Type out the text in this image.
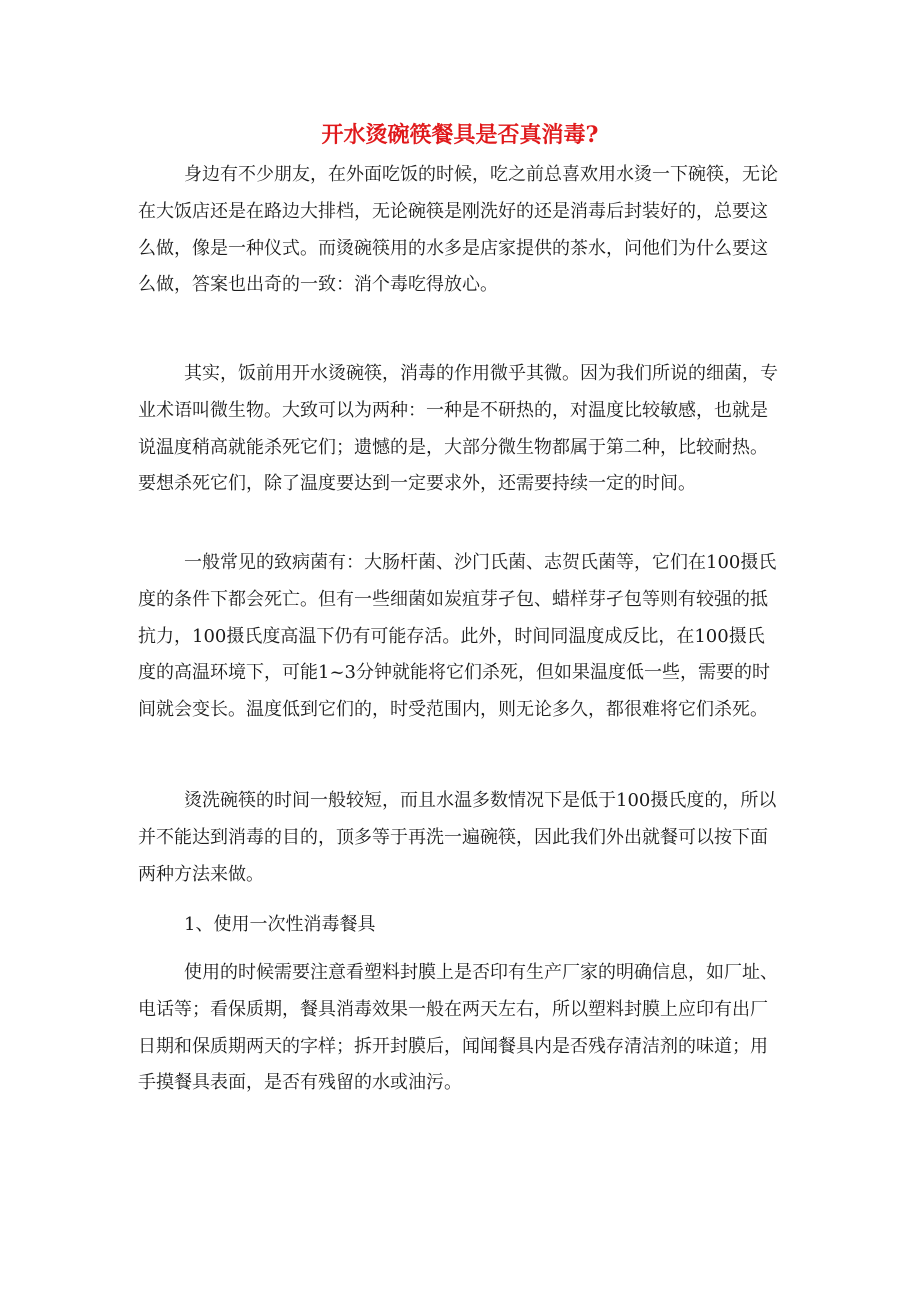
开水烫碗筷餐具是否真消毒?

身边有不少朋友，在外面吃饭的时候，吃之前总喜欢用水烫一下碗筷，无论在大饭店还是在路边大排档，无论碗筷是刚洗好的还是消毒后封装好的，总要这么做，像是一种仪式。而烫碗筷用的水多是店家提供的茶水，问他们为什么要这么做，答案也出奇的一致：消个毒吃得放心。

其实，饭前用开水烫碗筷，消毒的作用微乎其微。因为我们所说的细菌，专业术语叫微生物。大致可以为两种：一种是不研热的，对温度比较敏感，也就是说温度稍高就能杀死它们；遗憾的是，大部分微生物都属于第二种，比较耐热。要想杀死它们，除了温度要达到一定要求外，还需要持续一定的时间。

一般常见的致病菌有：大肠杆菌、沙门氏菌、志贺氏菌等，它们在100摄氏度的条件下都会死亡。但有一些细菌如炭疽芽孑包、蜡样芽孑包等则有较强的抵抗力，100摄氏度高温下仍有可能存活。此外，时间同温度成反比，在100摄氏度的高温环境下，可能1~3分钟就能将它们杀死，但如果温度低一些，需要的时间就会变长。温度低到它们的，时受范围内，则无论多久，都很难将它们杀死。

烫洗碗筷的时间一般较短，而且水温多数情况下是低于100摄氏度的，所以并不能达到消毒的目的，顶多等于再洗一遍碗筷，因此我们外出就餐可以按下面两种方法来做。

1、使用一次性消毒餐具

使用的时候需要注意看塑料封膜上是否印有生产厂家的明确信息，如厂址、电话等；看保质期，餐具消毒效果一般在两天左右，所以塑料封膜上应印有出厂日期和保质期两天的字样；拆开封膜后，闻闻餐具内是否残存清洁剂的味道；用手摸餐具表面，是否有残留的水或油污。
